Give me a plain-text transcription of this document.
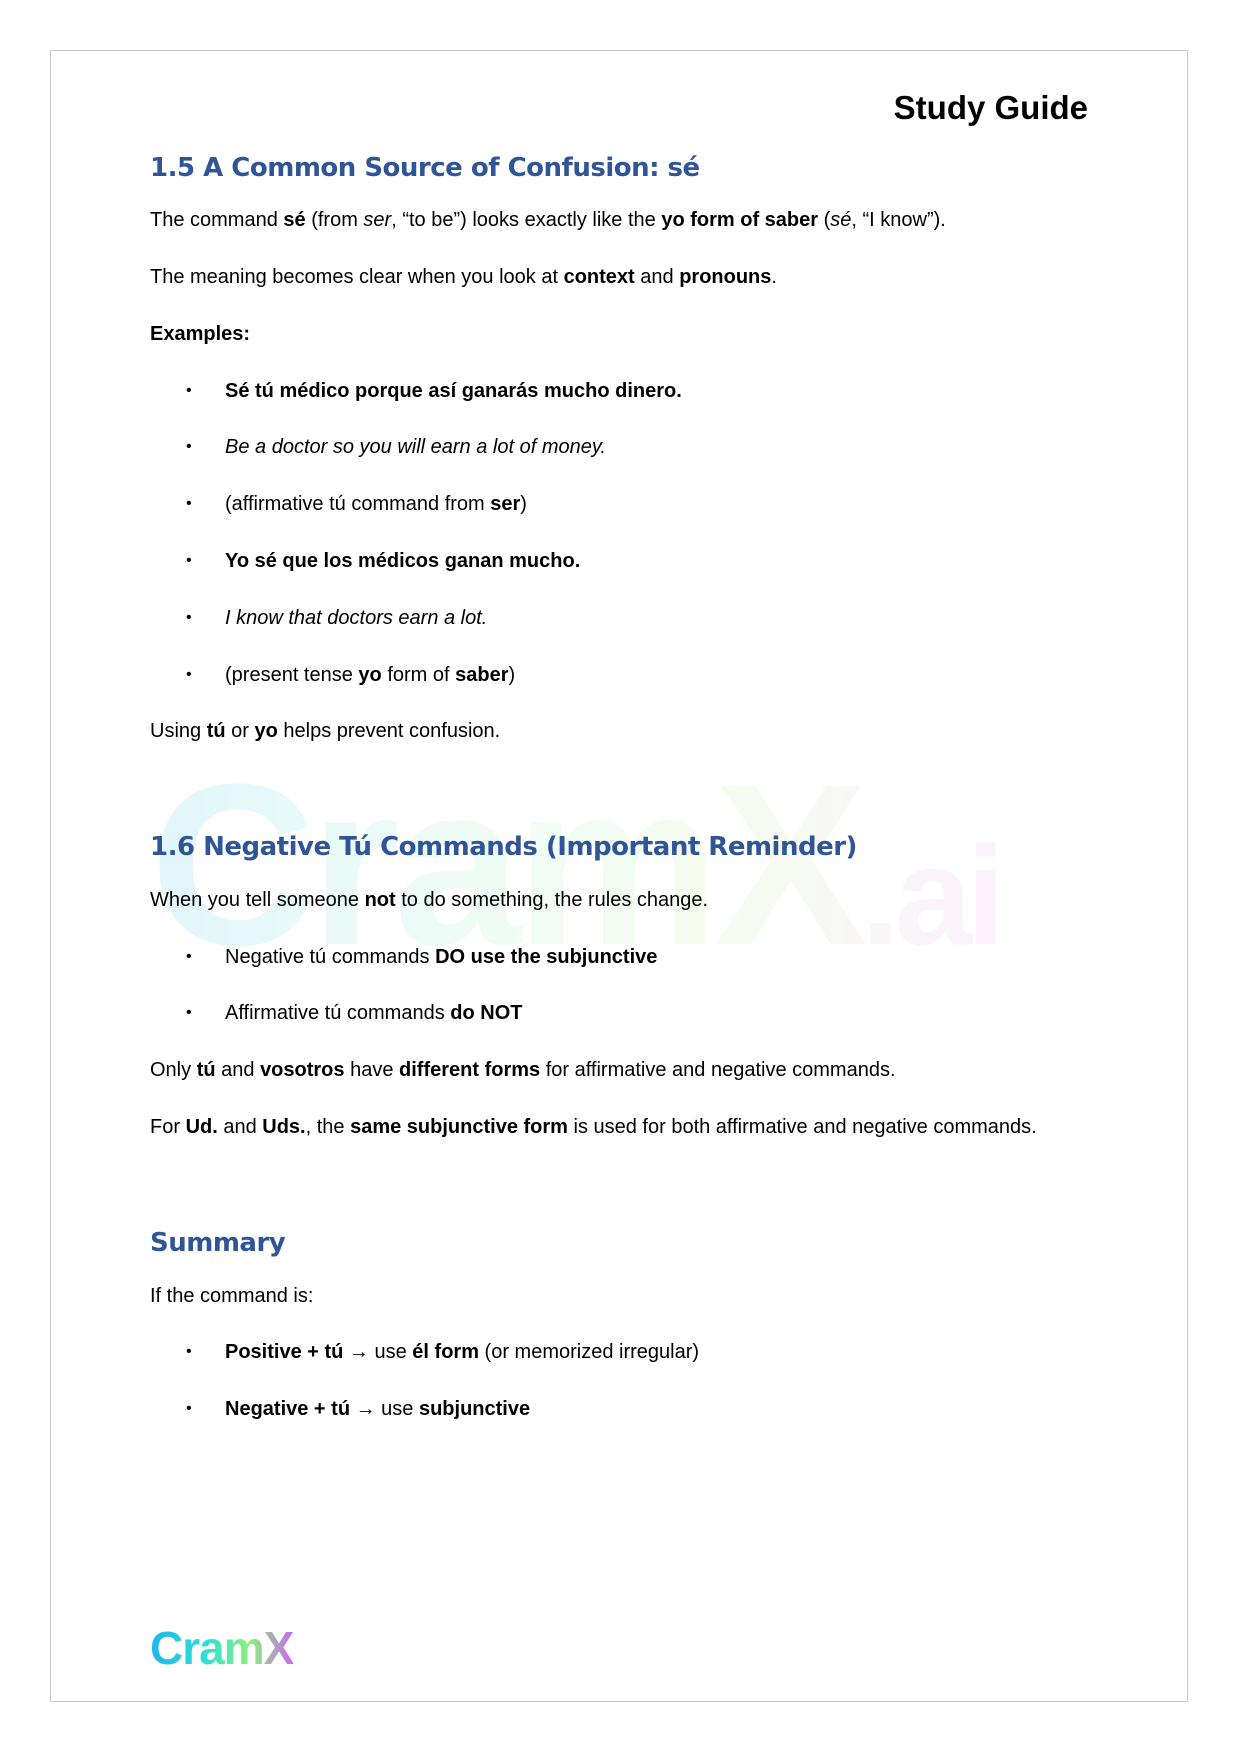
CramX.ai
Study Guide
1.5 A Common Source of Confusion: sé
1.6 Negative Tú Commands (Important Reminder)
Summary
The command sé (from ser, “to be”) looks exactly like the yo form of saber (sé, “I know”).
The meaning becomes clear when you look at context and pronouns.
Examples:
• Sé tú médico porque así ganarás mucho dinero.
• Be a doctor so you will earn a lot of money.
• (affirmative tú command from ser)
• Yo sé que los médicos ganan mucho.
• I know that doctors earn a lot.
• (present tense yo form of saber)
Using tú or yo helps prevent confusion.
When you tell someone not to do something, the rules change.
• Negative tú commands DO use the subjunctive
• Affirmative tú commands do NOT
Only tú and vosotros have different forms for affirmative and negative commands.
For Ud. and Uds., the same subjunctive form is used for both affirmative and negative commands.
If the command is:
• Positive + tú → use él form (or memorized irregular)
• Negative + tú → use subjunctive
CramX
